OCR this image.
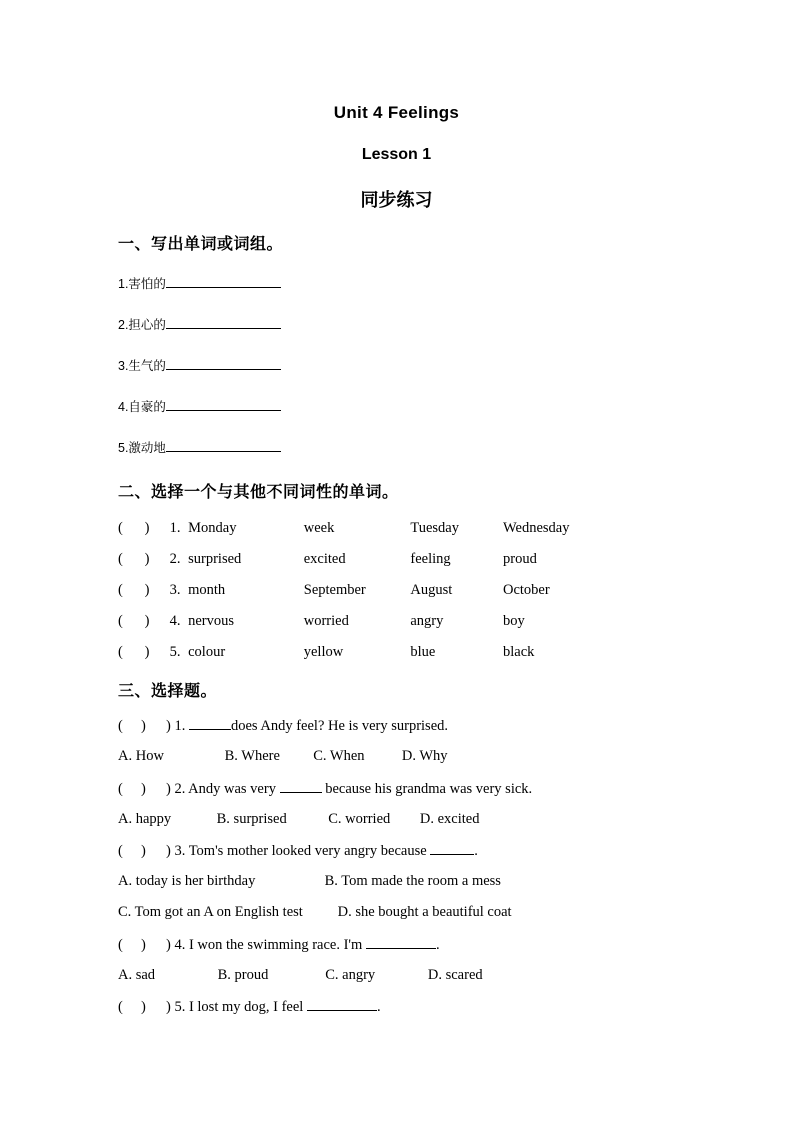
Unit 4 Feelings
Lesson 1
同步练习
一、写出单词或词组。
1.害怕的
2.担心的
3.生气的
4.自豪的
5.激动地
二、选择一个与其他不同词性的单词。
(      ) 1. Monday	week	Tuesday	Wednesday
(      ) 2. surprised	excited	feeling	proud
(      ) 3. month	September	August	October
(      ) 4. nervous	worried	angry	boy
(      ) 5. colour	yellow	blue	black
三、选择题。
(     ) ) 1.	does Andy feel? He is very surprised.
A. How	B. Where C. When	D. Why
(     ) ) 2. Andy was very	because his grandma was very sick.
A. happy	B. surprised	C. worried D. excited
(     ) ) 3. Tom's mother looked very angry because	.
A. today is her birthday	B. Tom made the room a mess
C. Tom got an A on English test D. she bought a beautiful coat
(     ) ) 4. I won the swimming race. I'm	.
A. sad	B. proud	C. angry	D. scared
(     ) ) 5. I lost my dog, I feel	.
